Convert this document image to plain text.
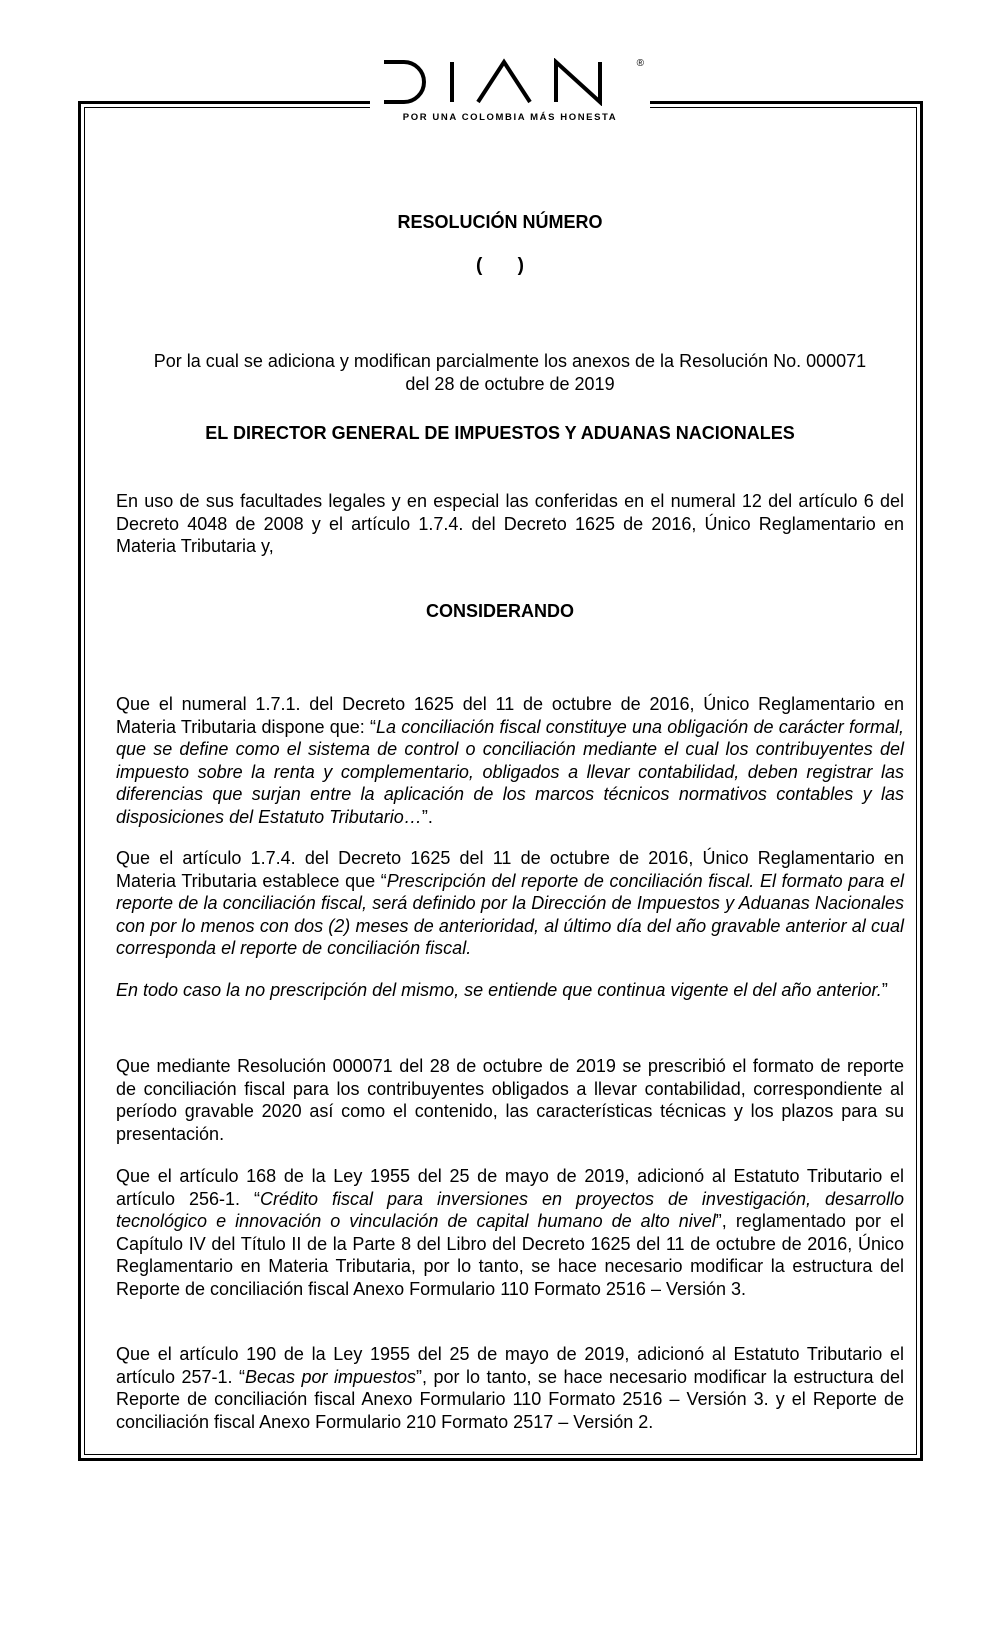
®
POR UNA COLOMBIA MÁS HONESTA
RESOLUCIÓN NÚMERO
( )
Por la cual se adiciona y modifican parcialmente los anexos de la Resolución No. 000071
del 28 de octubre de 2019
EL DIRECTOR GENERAL DE IMPUESTOS Y ADUANAS NACIONALES

En uso de sus facultades legales y en especial las conferidas en el numeral 12 del artículo 6 del Decreto 4048 de 2008 y el artículo 1.7.4. del Decreto 1625 de 2016, Único Reglamentario en Materia Tributaria y,

CONSIDERANDO

Que el numeral 1.7.1. del Decreto 1625 del 11 de octubre de 2016, Único Reglamentario en Materia Tributaria dispone que: “La conciliación fiscal constituye una obligación de carácter formal, que se define como el sistema de control o conciliación mediante el cual los contribuyentes del impuesto sobre la renta y complementario, obligados a llevar contabilidad, deben registrar las diferencias que surjan entre la aplicación de los marcos técnicos normativos contables y las disposiciones del Estatuto Tributario…”.

Que el artículo 1.7.4. del Decreto 1625 del 11 de octubre de 2016, Único Reglamentario en Materia Tributaria establece que “Prescripción del reporte de conciliación fiscal. El formato para el reporte de la conciliación fiscal, será definido por la Dirección de Impuestos y Aduanas Nacionales con por lo menos con dos (2) meses de anterioridad, al último día del año gravable anterior al cual corresponda el reporte de conciliación fiscal.

En todo caso la no prescripción del mismo, se entiende que continua vigente el del año anterior.”

Que mediante Resolución 000071 del 28 de octubre de 2019 se prescribió el formato de reporte de conciliación fiscal para los contribuyentes obligados a llevar contabilidad, correspondiente al período gravable 2020 así como el contenido, las características técnicas y los plazos para su presentación.

Que el artículo 168 de la Ley 1955 del 25 de mayo de 2019, adicionó al Estatuto Tributario el artículo 256-1. “Crédito fiscal para inversiones en proyectos de investigación, desarrollo tecnológico e innovación o vinculación de capital humano de alto nivel”, reglamentado por el Capítulo IV del Título II de la Parte 8 del Libro del Decreto 1625 del 11 de octubre de 2016, Único Reglamentario en Materia Tributaria, por lo tanto, se hace necesario modificar la estructura del Reporte de conciliación fiscal Anexo Formulario 110 Formato 2516 – Versión 3.

Que el artículo 190 de la Ley 1955 del 25 de mayo de 2019, adicionó al Estatuto Tributario el artículo 257-1. “Becas por impuestos”, por lo tanto, se hace necesario modificar la estructura del Reporte de conciliación fiscal Anexo Formulario 110 Formato 2516 – Versión 3. y el Reporte de conciliación fiscal Anexo Formulario 210 Formato 2517 – Versión 2.
